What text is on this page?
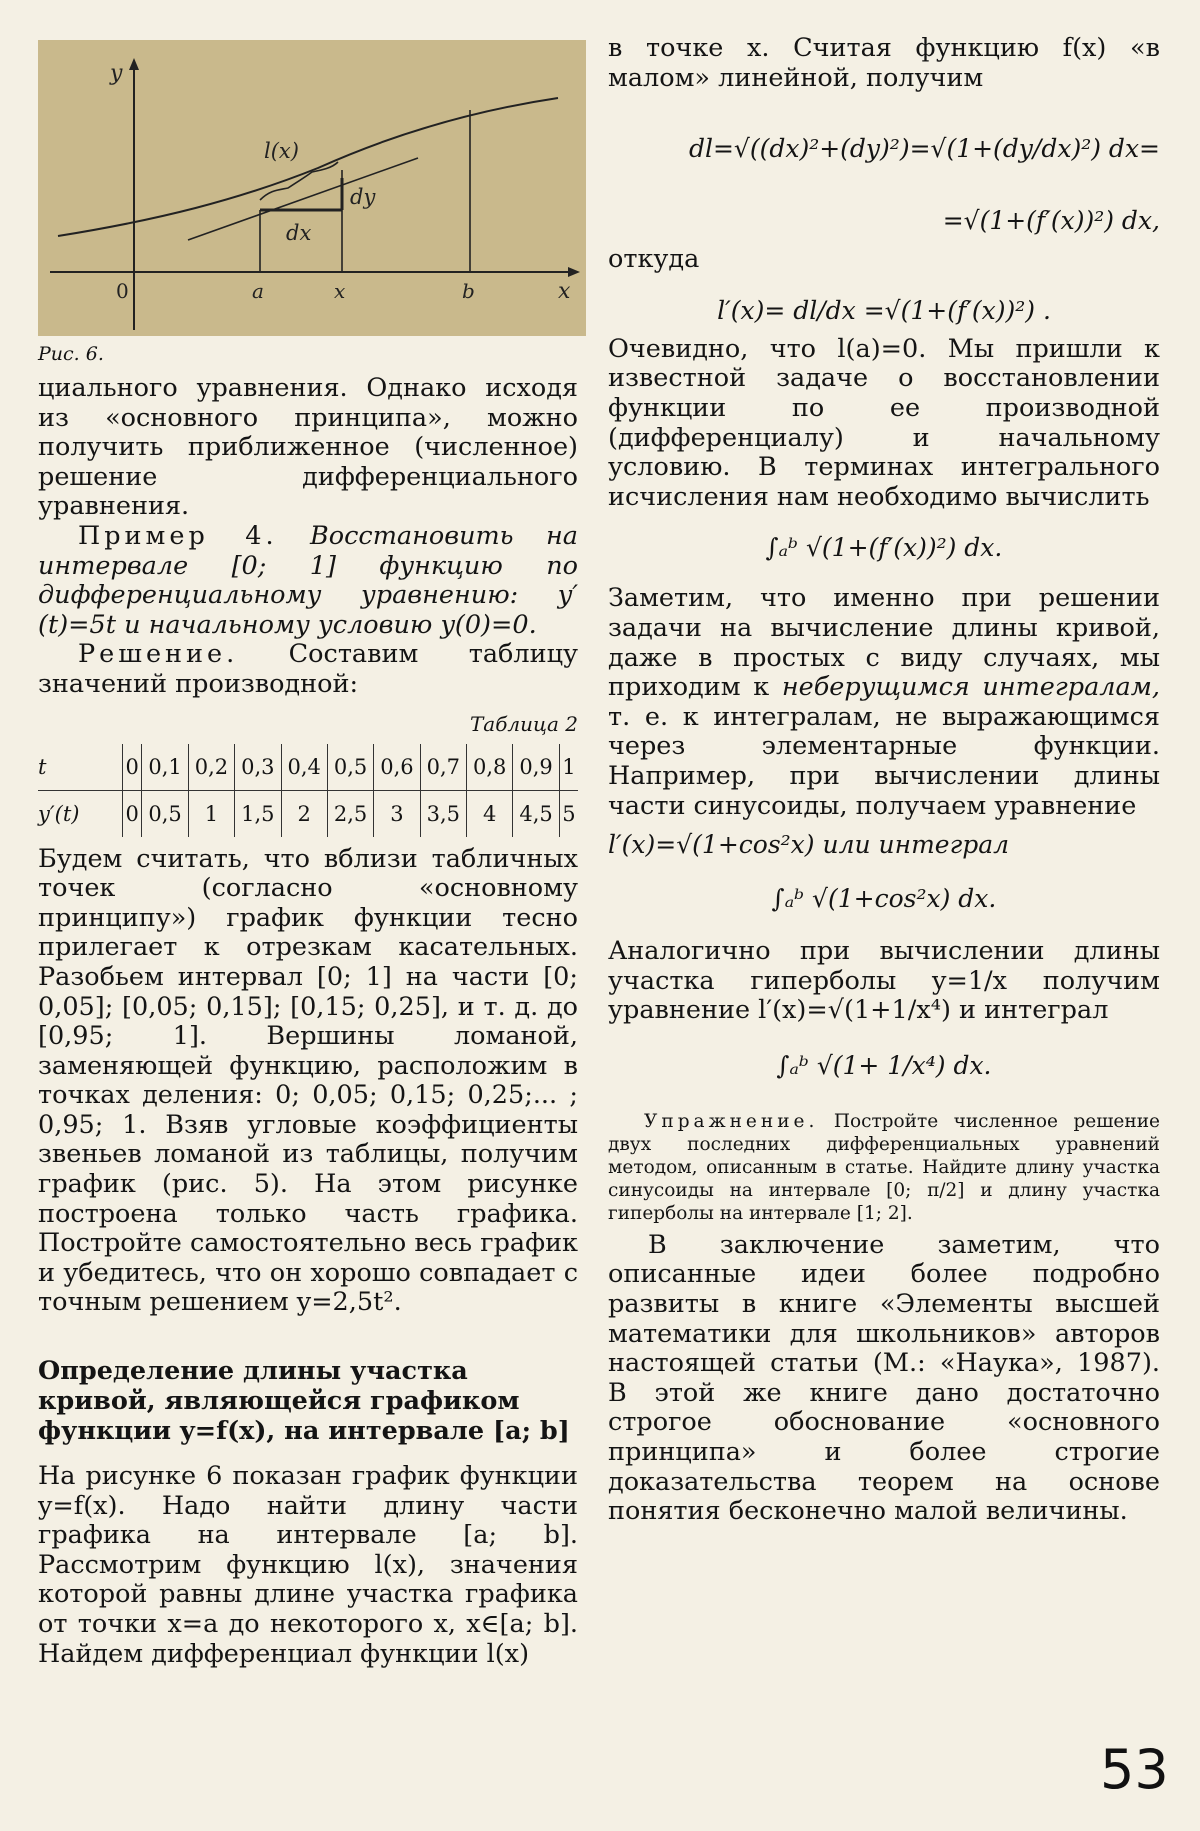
y
x
0	a	x	b
l(x)
dy
dx
Рис. 6.

циального уравнения. Однако исходя из «основного принципа», можно получить приближенное (численное) решение дифференциального уравнения.

Пример 4. Восстановить на интервале [0; 1] функцию по дифференциальному уравнению: y′(t)=5t и начальному условию y(0)=0.

Решение. Составим таблицу значений производной:

Таблица 2
t	0	0,1	0,2	0,3	0,4	0,5	0,6	0,7	0,8	0,9	1
y′(t)	0	0,5	1	1,5	2	2,5	3	3,5	4	4,5	5

Будем считать, что вблизи табличных точек (согласно «основному принципу») график функции тесно прилегает к отрезкам касательных. Разобьем интервал [0; 1] на части [0; 0,05]; [0,05; 0,15]; [0,15; 0,25], и т. д. до [0,95; 1]. Вершины ломаной, заменяющей функцию, расположим в точках деления: 0; 0,05; 0,15; 0,25;... ; 0,95; 1. Взяв угловые коэффициенты звеньев ломаной из таблицы, получим график (рис. 5). На этом рисунке построена только часть графика. Постройте самостоятельно весь график и убедитесь, что он хорошо совпадает с точным решением y=2,5t².

Определение длины участка кривой, являющейся графиком функции y=f(x), на интервале [a; b]

На рисунке 6 показан график функции y=f(x). Надо найти длину части графика на интервале [a; b]. Рассмотрим функцию l(x), значения которой равны длине участка графика от точки x=a до некоторого x, x∈[a; b]. Найдем дифференциал функции l(x)

в точке x. Считая функцию f(x) «в малом» линейной, получим

dl=√((dx)²+(dy)²)=√(1+(dy/dx)²) dx=
=√(1+(f′(x))²) dx,

откуда

l′(x)= dl/dx =√(1+(f′(x))²) .

Очевидно, что l(a)=0. Мы пришли к известной задаче о восстановлении функции по ее производной (дифференциалу) и начальному условию. В терминах интегрального исчисления нам необходимо вычислить

∫ₐᵇ √(1+(f′(x))²) dx.

Заметим, что именно при решении задачи на вычисление длины кривой, даже в простых с виду случаях, мы приходим к неберущимся интегралам, т. е. к интегралам, не выражающимся через элементарные функции. Например, при вычислении длины части синусоиды, получаем уравнение

l′(x)=√(1+cos²x) или интеграл
∫ₐᵇ √(1+cos²x) dx.

Аналогично при вычислении длины участка гиперболы y=1/x получим уравнение l′(x)=√(1+1/x⁴) и интеграл

∫ₐᵇ √(1+ 1/x⁴) dx.

Упражнение. Постройте численное решение двух последних дифференциальных уравнений методом, описанным в статье. Найдите длину участка синусоиды на интервале [0; π/2] и длину участка гиперболы на интервале [1; 2].

В заключение заметим, что описанные идеи более подробно развиты в книге «Элементы высшей математики для школьников» авторов настоящей статьи (М.: «Наука», 1987). В этой же книге дано достаточно строгое обоснование «основного принципа» и более строгие доказательства теорем на основе понятия бесконечно малой величины.

53
